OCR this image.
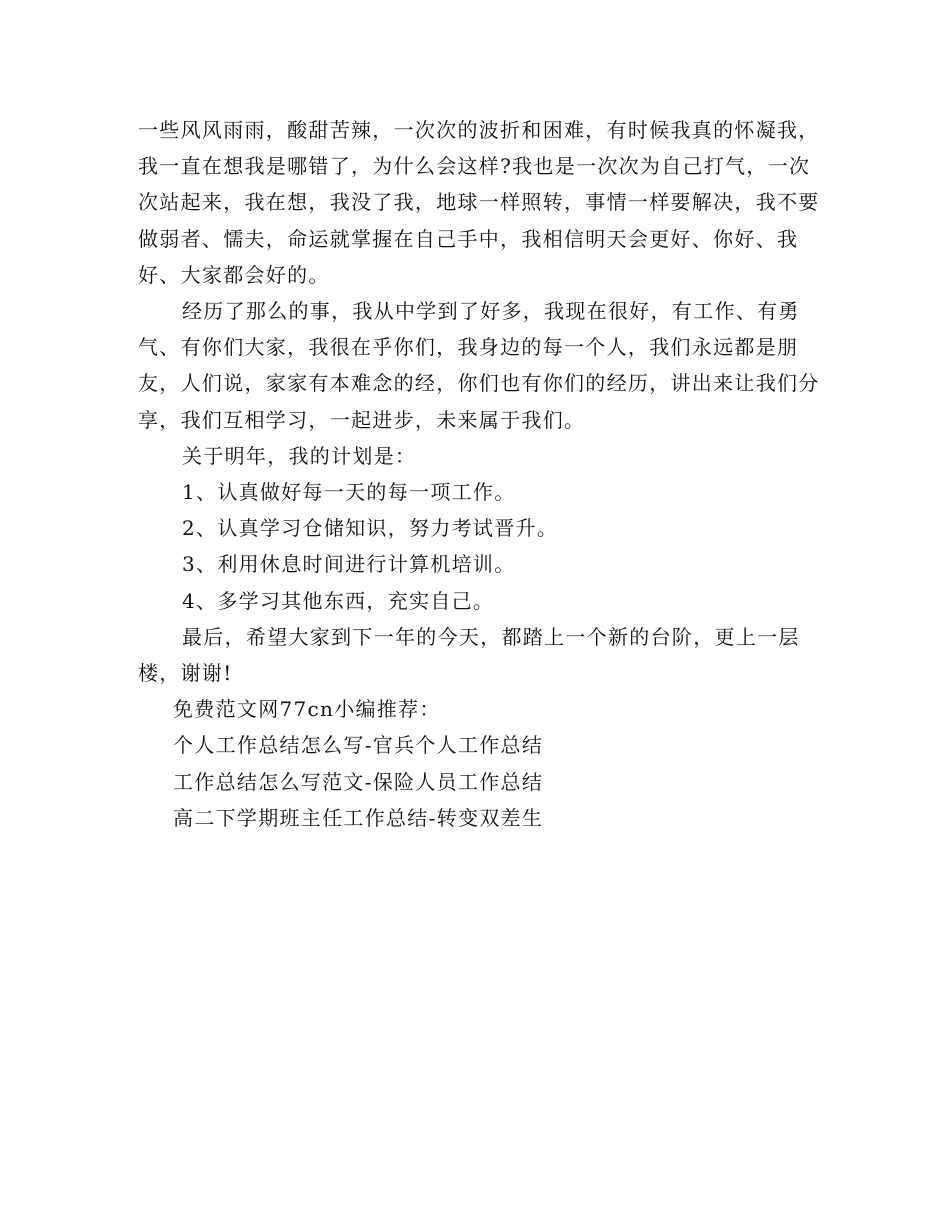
一些风风雨雨，酸甜苦辣，一次次的波折和困难，有时候我真的怀凝我，我一直在想我是哪错了，为什么会这样?我也是一次次为自己打气，一次次站起来，我在想，我没了我，地球一样照转，事情一样要解决，我不要做弱者、懦夫，命运就掌握在自己手中，我相信明天会更好、你好、我好、大家都会好的。

经历了那么的事，我从中学到了好多，我现在很好，有工作、有勇气、有你们大家，我很在乎你们，我身边的每一个人，我们永远都是朋友，人们说，家家有本难念的经，你们也有你们的经历，讲出来让我们分享，我们互相学习，一起进步，未来属于我们。

关于明年，我的计划是：

1、认真做好每一天的每一项工作。

2、认真学习仓储知识，努力考试晋升。

3、利用休息时间进行计算机培训。

4、多学习其他东西，充实自己。

最后，希望大家到下一年的今天，都踏上一个新的台阶，更上一层楼，谢谢!

免费范文网77cn小编推荐：

个人工作总结怎么写-官兵个人工作总结

工作总结怎么写范文-保险人员工作总结

高二下学期班主任工作总结-转变双差生
